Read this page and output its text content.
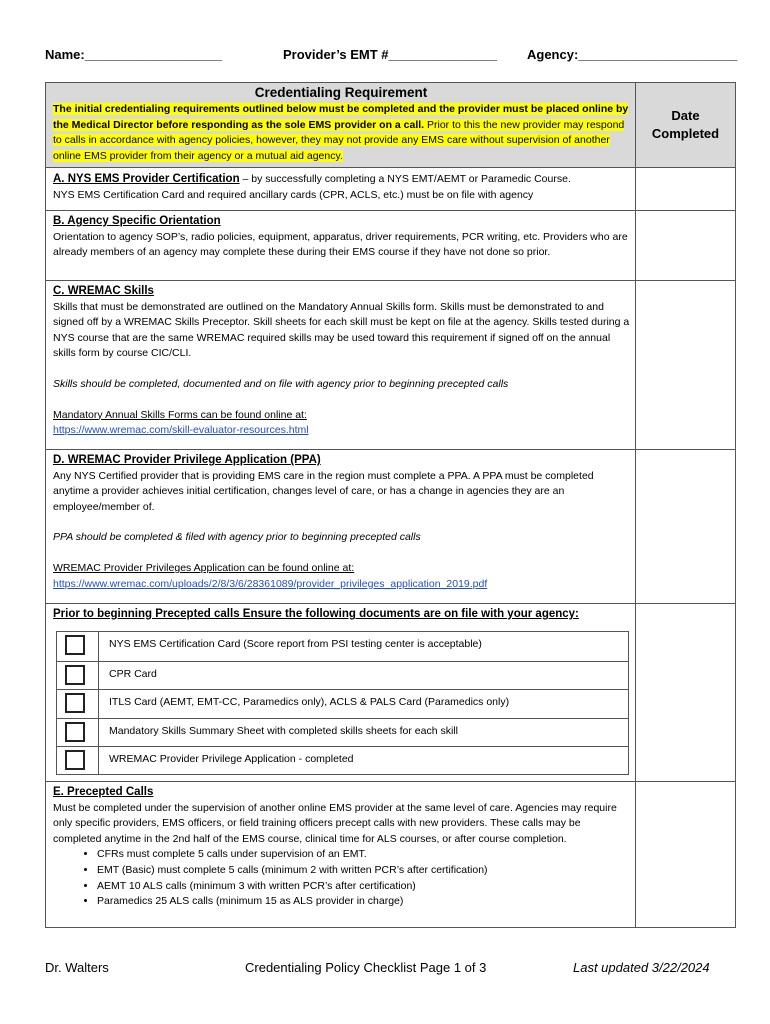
Name:___________________	Provider’s EMT #_______________ Agency:______________________
Credentialing Requirement
The initial credentialing requirements outlined below must be completed and the provider must be placed online by the Medical Director before responding as the sole EMS provider on a call. Prior to this the new provider may respond to calls in accordance with agency policies, however, they may not provide any EMS care without supervision of another online EMS provider from their agency or a mutual aid agency.
Date
Completed
A. NYS EMS Provider Certification – by successfully completing a NYS EMT/AEMT or Paramedic Course.
NYS EMS Certification Card and required ancillary cards (CPR, ACLS, etc.) must be on file with agency
B. Agency Specific Orientation
Orientation to agency SOP’s, radio policies, equipment, apparatus, driver requirements, PCR writing, etc. Providers who are already members of an agency may complete these during their EMS course if they have not done so prior.
C. WREMAC Skills
Skills that must be demonstrated are outlined on the Mandatory Annual Skills form. Skills must be demonstrated to and signed off by a WREMAC Skills Preceptor. Skill sheets for each skill must be kept on file at the agency. Skills tested during a NYS course that are the same WREMAC required skills may be used toward this requirement if signed off on the annual skills form by course CIC/CLI.
Skills should be completed, documented and on file with agency prior to beginning precepted calls
Mandatory Annual Skills Forms can be found online at:
https://www.wremac.com/skill-evaluator-resources.html
D. WREMAC Provider Privilege Application (PPA)
Any NYS Certified provider that is providing EMS care in the region must complete a PPA. A PPA must be completed anytime a provider achieves initial certification, changes level of care, or has a change in agencies they are an employee/member of.
PPA should be completed & filed with agency prior to beginning precepted calls
WREMAC Provider Privileges Application can be found online at:
https://www.wremac.com/uploads/2/8/3/6/28361089/provider_privileges_application_2019.pdf
Prior to beginning Precepted calls Ensure the following documents are on file with your agency:
E. Precepted Calls
Must be completed under the supervision of another online EMS provider at the same level of care. Agencies may require only specific providers, EMS officers, or field training officers precept calls with new providers. These calls may be completed anytime in the 2nd half of the EMS course, clinical time for ALS courses, or after course completion.
• CFRs must complete 5 calls under supervision of an EMT.
• EMT (Basic) must complete 5 calls (minimum 2 with written PCR’s after certification)
• AEMT 10 ALS calls (minimum 3 with written PCR’s after certification)
• Paramedics 25 ALS calls (minimum 15 as ALS provider in charge)
NYS EMS Certification Card (Score report from PSI testing center is acceptable)
CPR Card
ITLS Card (AEMT, EMT-CC, Paramedics only), ACLS & PALS Card (Paramedics only)
Mandatory Skills Summary Sheet with completed skills sheets for each skill
WREMAC Provider Privilege Application - completed
Dr. Walters	Credentialing Policy Checklist Page 1 of 3	Last updated 3/22/2024
